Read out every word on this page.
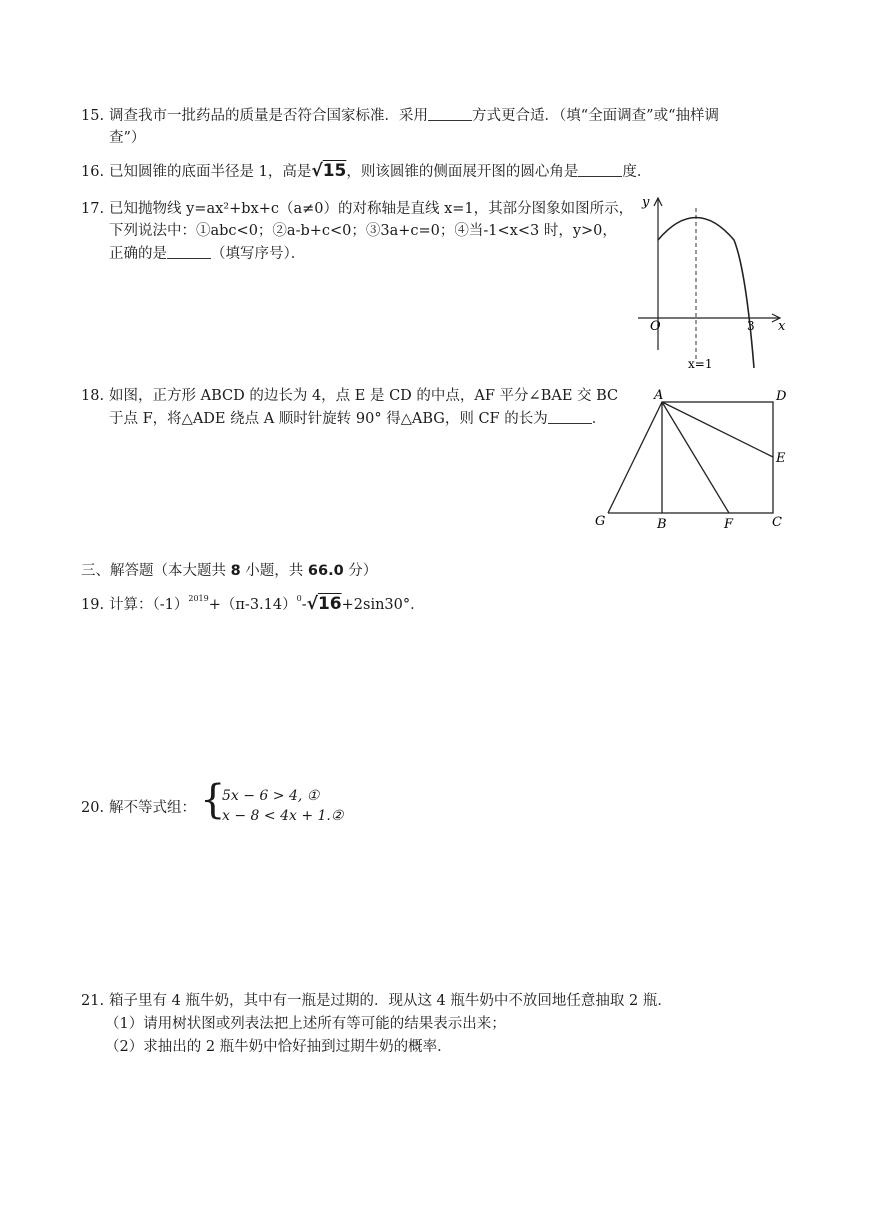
15. 调查我市一批药品的质量是否符合国家标准．采用	方式更合适．（填“全面调查”或“抽样调
查”）
16. 已知圆锥的底面半径是 1，高是√15，则该圆锥的侧面展开图的圆心角是	度．
17. 已知抛物线 y=ax²+bx+c（a≠0）的对称轴是直线 x=1，其部分图象如图所示，
下列说法中：①abc<0；②a-b+c<0；③3a+c=0；④当-1<x<3 时，y>0，
正确的是	（填写序号）．
y
x
O	3
x=1
18. 如图，正方形 ABCD 的边长为 4，点 E 是 CD 的中点，AF 平分∠BAE 交 BC
于点 F，将△ADE 绕点 A 顺时针旋转 90° 得△ABG，则 CF 的长为	．
A	D
E
G	B	F	C
三、解答题（本大题共 8 小题，共 66.0 分）
19. 计算：$(-1)^{2019}+(\pi-3.14)^0-√16+2\sin 30^\circ$．
20. 解不等式组： {
5x − 6 > 4, ①
x − 8 < 4x + 1.②
21. 箱子里有 4 瓶牛奶，其中有一瓶是过期的．现从这 4 瓶牛奶中不放回地任意抽取 2 瓶．
（1）请用树状图或列表法把上述所有等可能的结果表示出来；
（2）求抽出的 2 瓶牛奶中恰好抽到过期牛奶的概率．
